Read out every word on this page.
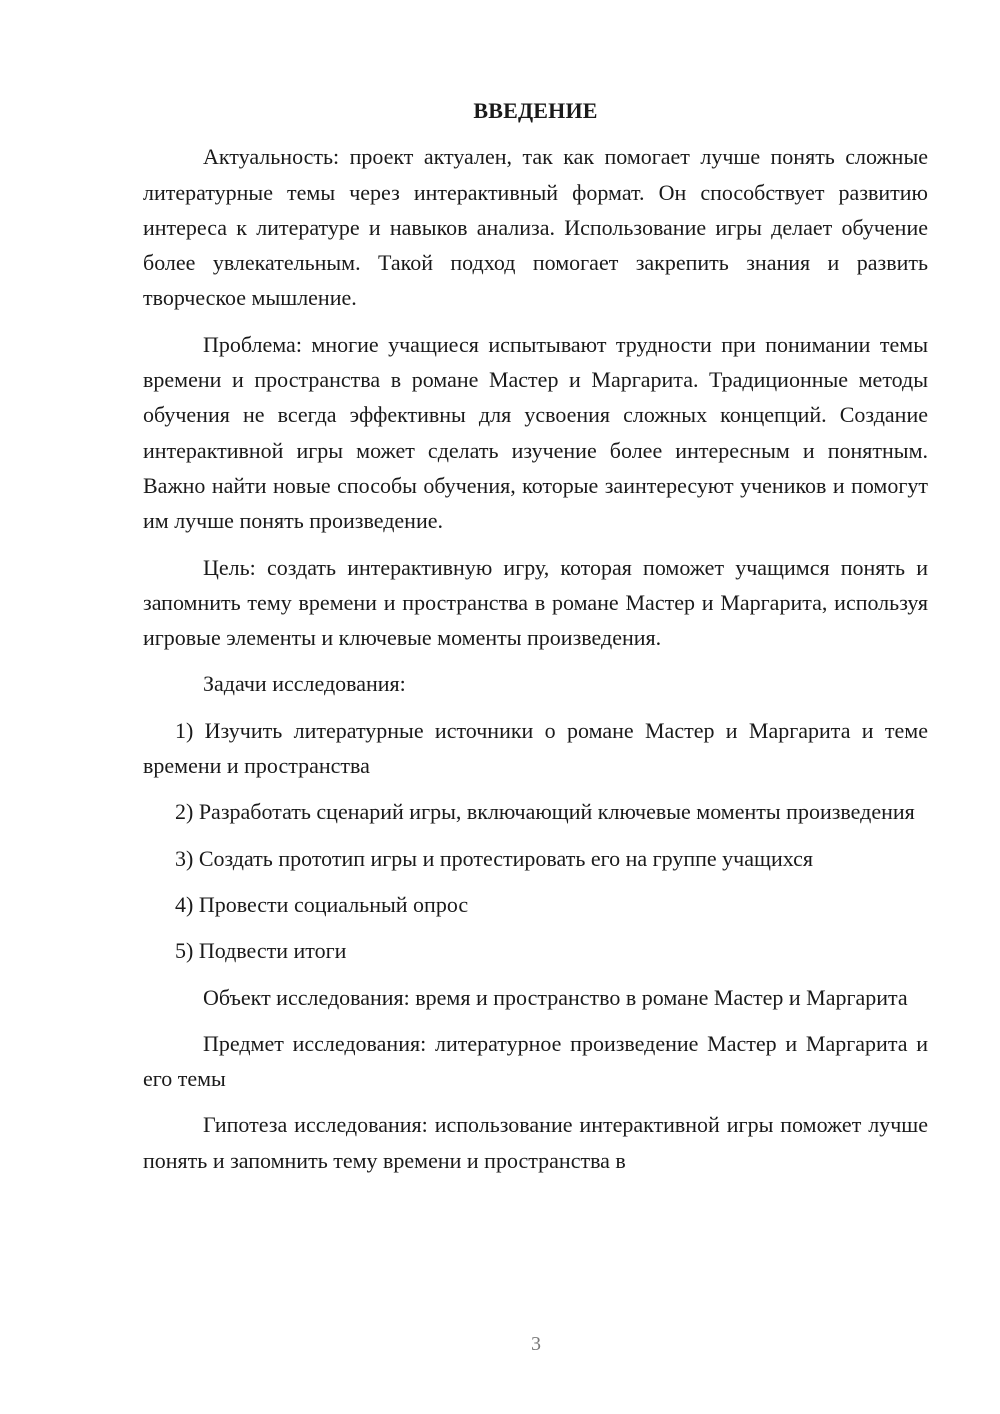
ВВЕДЕНИЕ

Актуальность: проект актуален, так как помогает лучше понять сложные литературные темы через интерактивный формат. Он способствует развитию интереса к литературе и навыков анализа. Использование игры делает обучение более увлекательным. Такой подход помогает закрепить знания и развить творческое мышление.

Проблема: многие учащиеся испытывают трудности при понимании темы времени и пространства в романе Мастер и Маргарита. Традиционные методы обучения не всегда эффективны для усвоения сложных концепций. Создание интерактивной игры может сделать изучение более интересным и понятным. Важно найти новые способы обучения, которые заинтересуют учеников и помогут им лучше понять произведение.

Цель: создать интерактивную игру, которая поможет учащимся понять и запомнить тему времени и пространства в романе Мастер и Маргарита, используя игровые элементы и ключевые моменты произведения.

Задачи исследования:

1) Изучить литературные источники о романе Мастер и Маргарита и теме времени и пространства

2) Разработать сценарий игры, включающий ключевые моменты произведения

3) Создать прототип игры и протестировать его на группе учащихся

4) Провести социальный опрос

5) Подвести итоги

Объект исследования: время и пространство в романе Мастер и Маргарита

Предмет исследования: литературное произведение Мастер и Маргарита и его темы

Гипотеза исследования: использование интерактивной игры поможет лучше понять и запомнить тему времени и пространства в

3
